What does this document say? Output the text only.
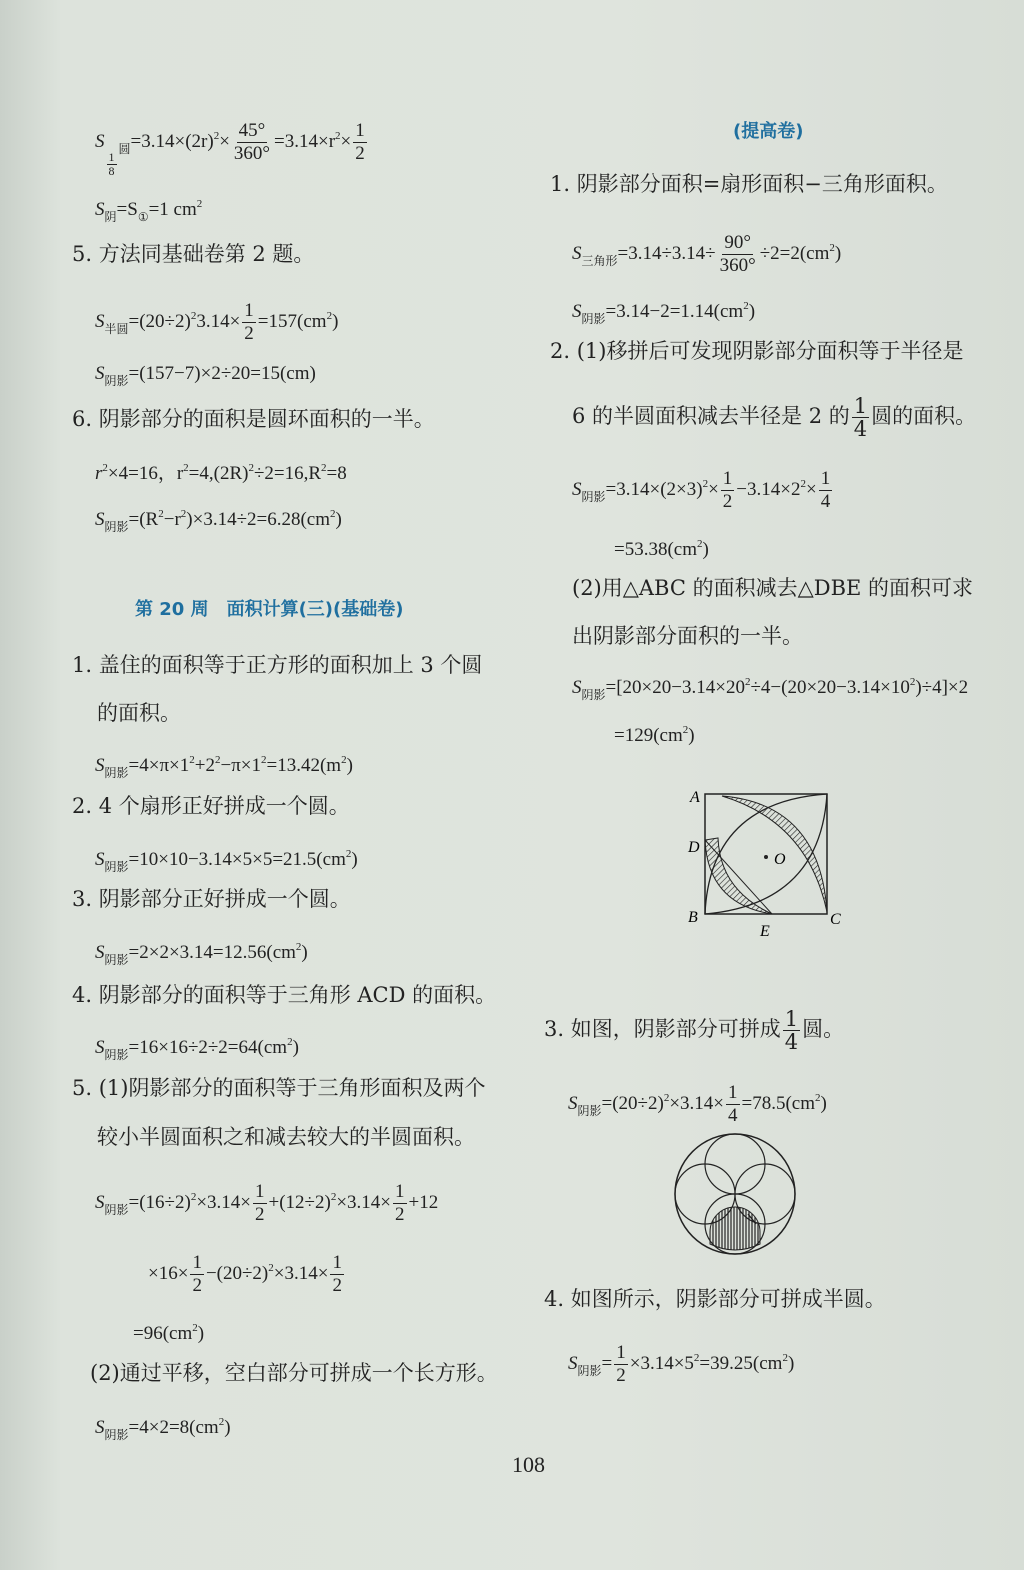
S
$\frac{1}{8}$
$_圆=3.14\times(2r)^2\times \frac{45^\circ}{360^\circ} =3.14\times r^2\times \frac{1}{2}$
$S_阴=S_①=1$ $cm^2$
5. 方法同基础卷第 2 题。
$S_{半圆}=(20\div 2)^23.14\times \frac{1}{2} =157(cm^2)$
$S_{阴影}=(157-7)\times 2\div 20=15(cm)$
6. 阴影部分的面积是圆环面积的一半。
$r^2\times 4=16$，$r^2=4,(2R)^2\div 2=16,R^2=8$
$S_{阴影}=(R^2-r^2)\times 3.14\div 2=6.28(cm^2)$
第 20 周　面积计算(三)(基础卷)
1. 盖住的面积等于正方形的面积加上 3 个圆
的面积。
$S_{阴影}=4\times\pi\times 1^2+2^2-\pi\times 1^2=13.42(m^2)$
2. 4 个扇形正好拼成一个圆。
$S_{阴影}=10\times 10-3.14\times 5\times 5=21.5(cm^2)$
3. 阴影部分正好拼成一个圆。
$S_{阴影}=2\times 2\times 3.14=12.56(cm^2)$
4. 阴影部分的面积等于三角形 ACD 的面积。
$S_{阴影}=16\times 16\div 2\div 2=64(cm^2)$
5. (1)阴影部分的面积等于三角形面积及两个
较小半圆面积之和减去较大的半圆面积。
$S_{阴影}=(16\div 2)^2\times 3.14\times \frac{1}{2} +(12\div 2)^2\times 3.14\times \frac{1}{2} +12$
$\times 16\times \frac{1}{2} -(20\div 2)^2\times 3.14\times \frac{1}{2}$
$=96(cm^2)$
(2)通过平移，空白部分可拼成一个长方形。
$S_{阴影}=4\times 2=8(cm^2)$
(提高卷)
1. 阴影部分面积=扇形面积−三角形面积。
$S_{三角形}=3.14\div 3.14\div \frac{90^\circ}{360^\circ} \div 2=2(cm^2)$
$S_{阴影}=3.14-2=1.14(cm^2)$
2. (1)移拼后可发现阴影部分面积等于半径是
6 的半圆面积减去半径是 2 的 $\frac{1}{4}$ 圆的面积。
$S_{阴影}=3.14\times(2\times 3)^2\times \frac{1}{2} -3.14\times 2^2\times \frac{1}{4}$
$=53.38(cm^2)$
(2)用△ABC 的面积减去△DBE 的面积可求
出阴影部分面积的一半。
$S_{阴影}=[20\times 20-3.14\times 20^2\div 4-(20\times 20-3.14\times 10^2)\div 4]\times 2$
$=129(cm^2)$
A
D
O
B
E
C
3. 如图，阴影部分可拼成 $\frac{1}{4}$ 圆。
$S_{阴影}=(20\div 2)^2\times 3.14\times \frac{1}{4} =78.5(cm^2)$
4. 如图所示，阴影部分可拼成半圆。
$S_{阴影}= \frac{1}{2} \times 3.14\times 5^2=39.25(cm^2)$
108
